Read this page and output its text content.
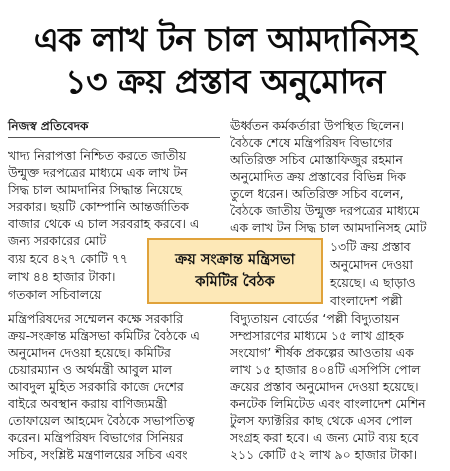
এক লাখ টন চাল আমদানিসহ
১৩ ক্রয় প্রস্তাব অনুমোদন
নিজস্ব প্রতিবেদক
খাদ্য নিরাপত্তা নিশ্চিত করতে জাতীয়
উন্মুক্ত দরপত্রের মাধ্যমে এক লাখ টন
সিদ্ধ চাল আমদানির সিদ্ধান্ত নিয়েছে
সরকার। ছয়টি কোম্পানি আন্তর্জাতিক
বাজার থেকে এ চাল সরবরাহ করবে। এ
জন্য সরকারের মোট
ব্যয় হবে ৪২৭ কোটি ৭৭
লাখ ৪৪ হাজার টাকা।
গতকাল সচিবালয়ে
ঊর্ধ্বতন কর্মকর্তারা উপস্থিত ছিলেন।
বৈঠকে শেষে মন্ত্রিপরিষদ বিভাগের
অতিরিক্ত সচিব মোস্তাফিজুর রহমান
অনুমোদিত ক্রয় প্রস্তাবের বিভিন্ন দিক
তুলে ধরেন। অতিরিক্ত সচিব বলেন,
বৈঠকে জাতীয় উন্মুক্ত দরপত্রের মাধ্যমে
এক লাখ টন সিদ্ধ চাল আমদানিসহ মোট
১৩টি ক্রয় প্রস্তাব
অনুমোদন দেওয়া
হয়েছে। এ ছাড়াও
বাংলাদেশ পল্লী
ক্রয় সংক্রান্ত মন্ত্রিসভা
কমিটির বৈঠক
মন্ত্রিপরিষদের সম্মেলন কক্ষে সরকারি
ক্রয়-সংক্রান্ত মন্ত্রিসভা কমিটির বৈঠকে এ
অনুমোদন দেওয়া হয়েছে। কমিটির
চেয়ারম্যান ও অর্থমন্ত্রী আবুল মাল
আবদুল মুহিত সরকারি কাজে দেশের
বাইরে অবস্থান করায় বাণিজ্যমন্ত্রী
তোফায়েল আহমেদ বৈঠকে সভাপতিত্ব
করেন। মন্ত্রিপরিষদ বিভাগের সিনিয়র
সচিব, সংশ্লিষ্ট মন্ত্রণালয়ের সচিব এবং
বিদ্যুতায়ন বোর্ডের ‘পল্লী বিদ্যুতায়ন
সম্প্রসারণের মাধ্যমে ১৫ লাখ গ্রাহক
সংযোগ’ শীর্ষক প্রকল্পের আওতায় এক
লাখ ১৫ হাজার ৪০৪টি এসপিসি পোল
ক্রয়ের প্রস্তাব অনুমোদন দেওয়া হয়েছে।
কনটেক লিমিটেড এবং বাংলাদেশ মেশিন
টুলস ফ্যাক্টরির কাছ থেকে এসব পোল
সংগ্রহ করা হবে। এ জন্য মোট ব্যয় হবে
২১১ কোটি ৫২ লাখ ৯০ হাজার টাকা।
